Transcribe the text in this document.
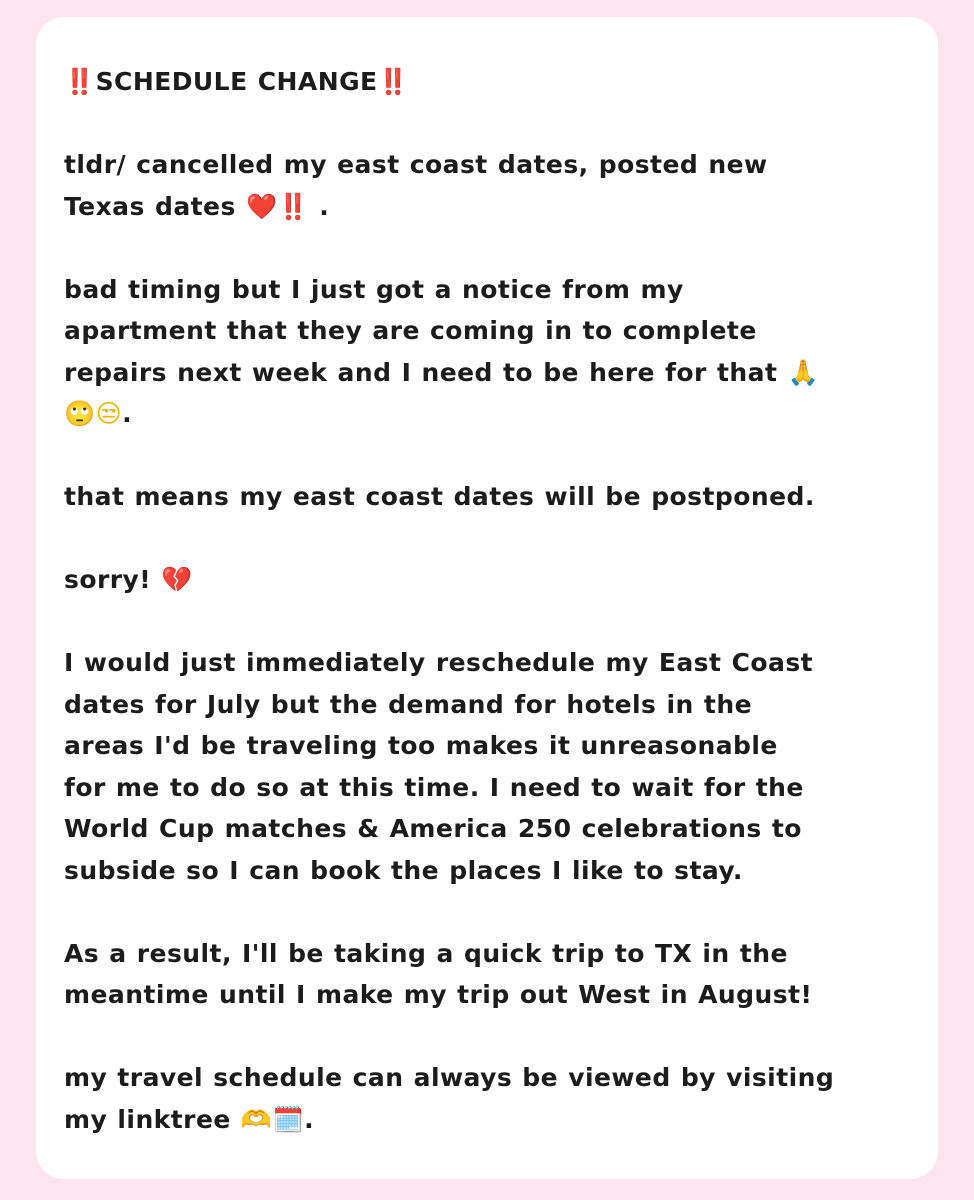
‼️SCHEDULE CHANGE‼️

tldr/ cancelled my east coast dates, posted new
Texas dates ❤️‼️ .

bad timing but I just got a notice from my
apartment that they are coming in to complete
repairs next week and I need to be here for that 🙏
🙄😒.

that means my east coast dates will be postponed.

sorry! 💔

I would just immediately reschedule my East Coast
dates for July but the demand for hotels in the
areas I'd be traveling too makes it unreasonable
for me to do so at this time. I need to wait for the
World Cup matches & America 250 celebrations to
subside so I can book the places I like to stay.

As a result, I'll be taking a quick trip to TX in the
meantime until I make my trip out West in August!

my travel schedule can always be viewed by visiting
my linktree 🫶🗓️.
